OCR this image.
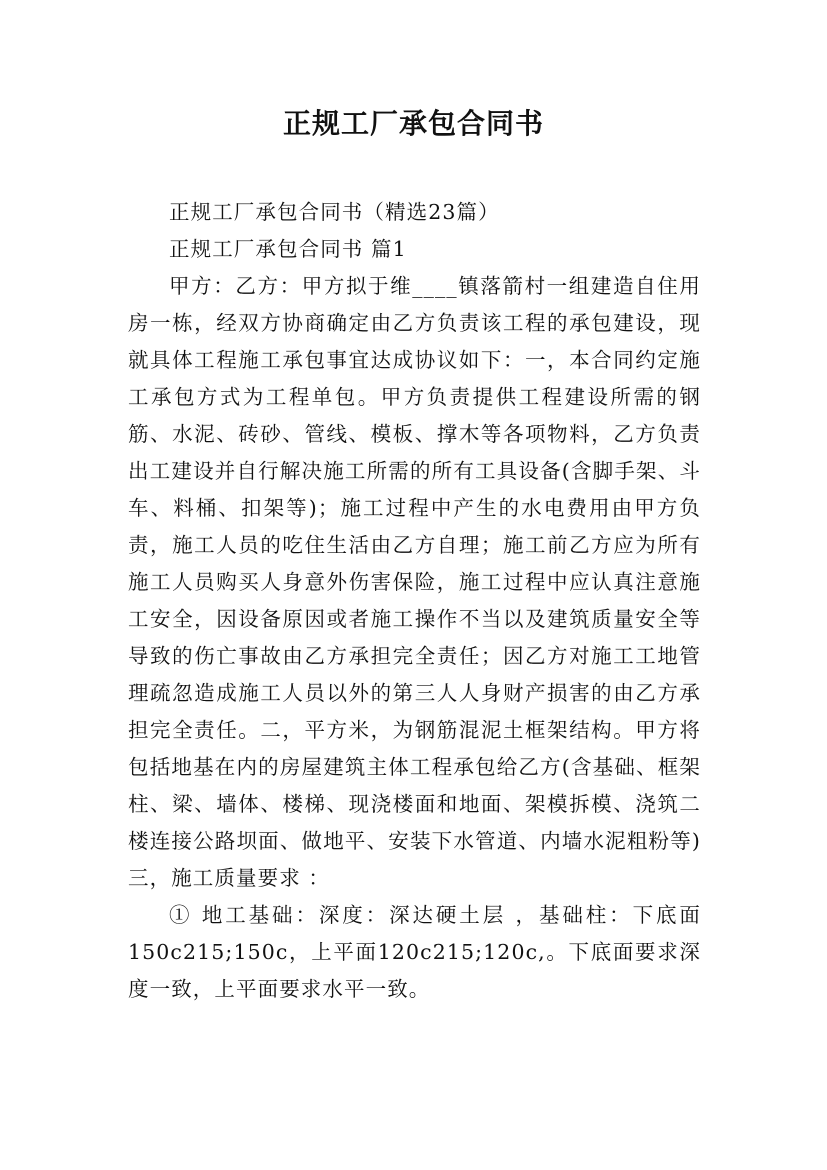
正规工厂承包合同书

正规工厂承包合同书（精选23篇）

正规工厂承包合同书 篇1

甲方：乙方：甲方拟于维____镇落箭村一组建造自住用房一栋，经双方协商确定由乙方负责该工程的承包建设，现就具体工程施工承包事宜达成协议如下：一，本合同约定施工承包方式为工程单包。甲方负责提供工程建设所需的钢筋、水泥、砖砂、管线、模板、撑木等各项物料，乙方负责出工建设并自行解决施工所需的所有工具设备(含脚手架、斗车、料桶、扣架等)；施工过程中产生的水电费用由甲方负责，施工人员的吃住生活由乙方自理；施工前乙方应为所有施工人员购买人身意外伤害保险，施工过程中应认真注意施工安全，因设备原因或者施工操作不当以及建筑质量安全等导致的伤亡事故由乙方承担完全责任；因乙方对施工工地管理疏忽造成施工人员以外的第三人人身财产损害的由乙方承担完全责任。二，平方米，为钢筋混泥土框架结构。甲方将包括地基在内的房屋建筑主体工程承包给乙方(含基础、框架柱、梁、墙体、楼梯、现浇楼面和地面、架模拆模、浇筑二楼连接公路坝面、做地平、安装下水管道、内墙水泥粗粉等)三，施工质量要求 ：

① 地工基础：深度：深达硬土层 ，基础柱：下底面150c215;150c，上平面120c215;120c,。下底面要求深度一致，上平面要求水平一致。
